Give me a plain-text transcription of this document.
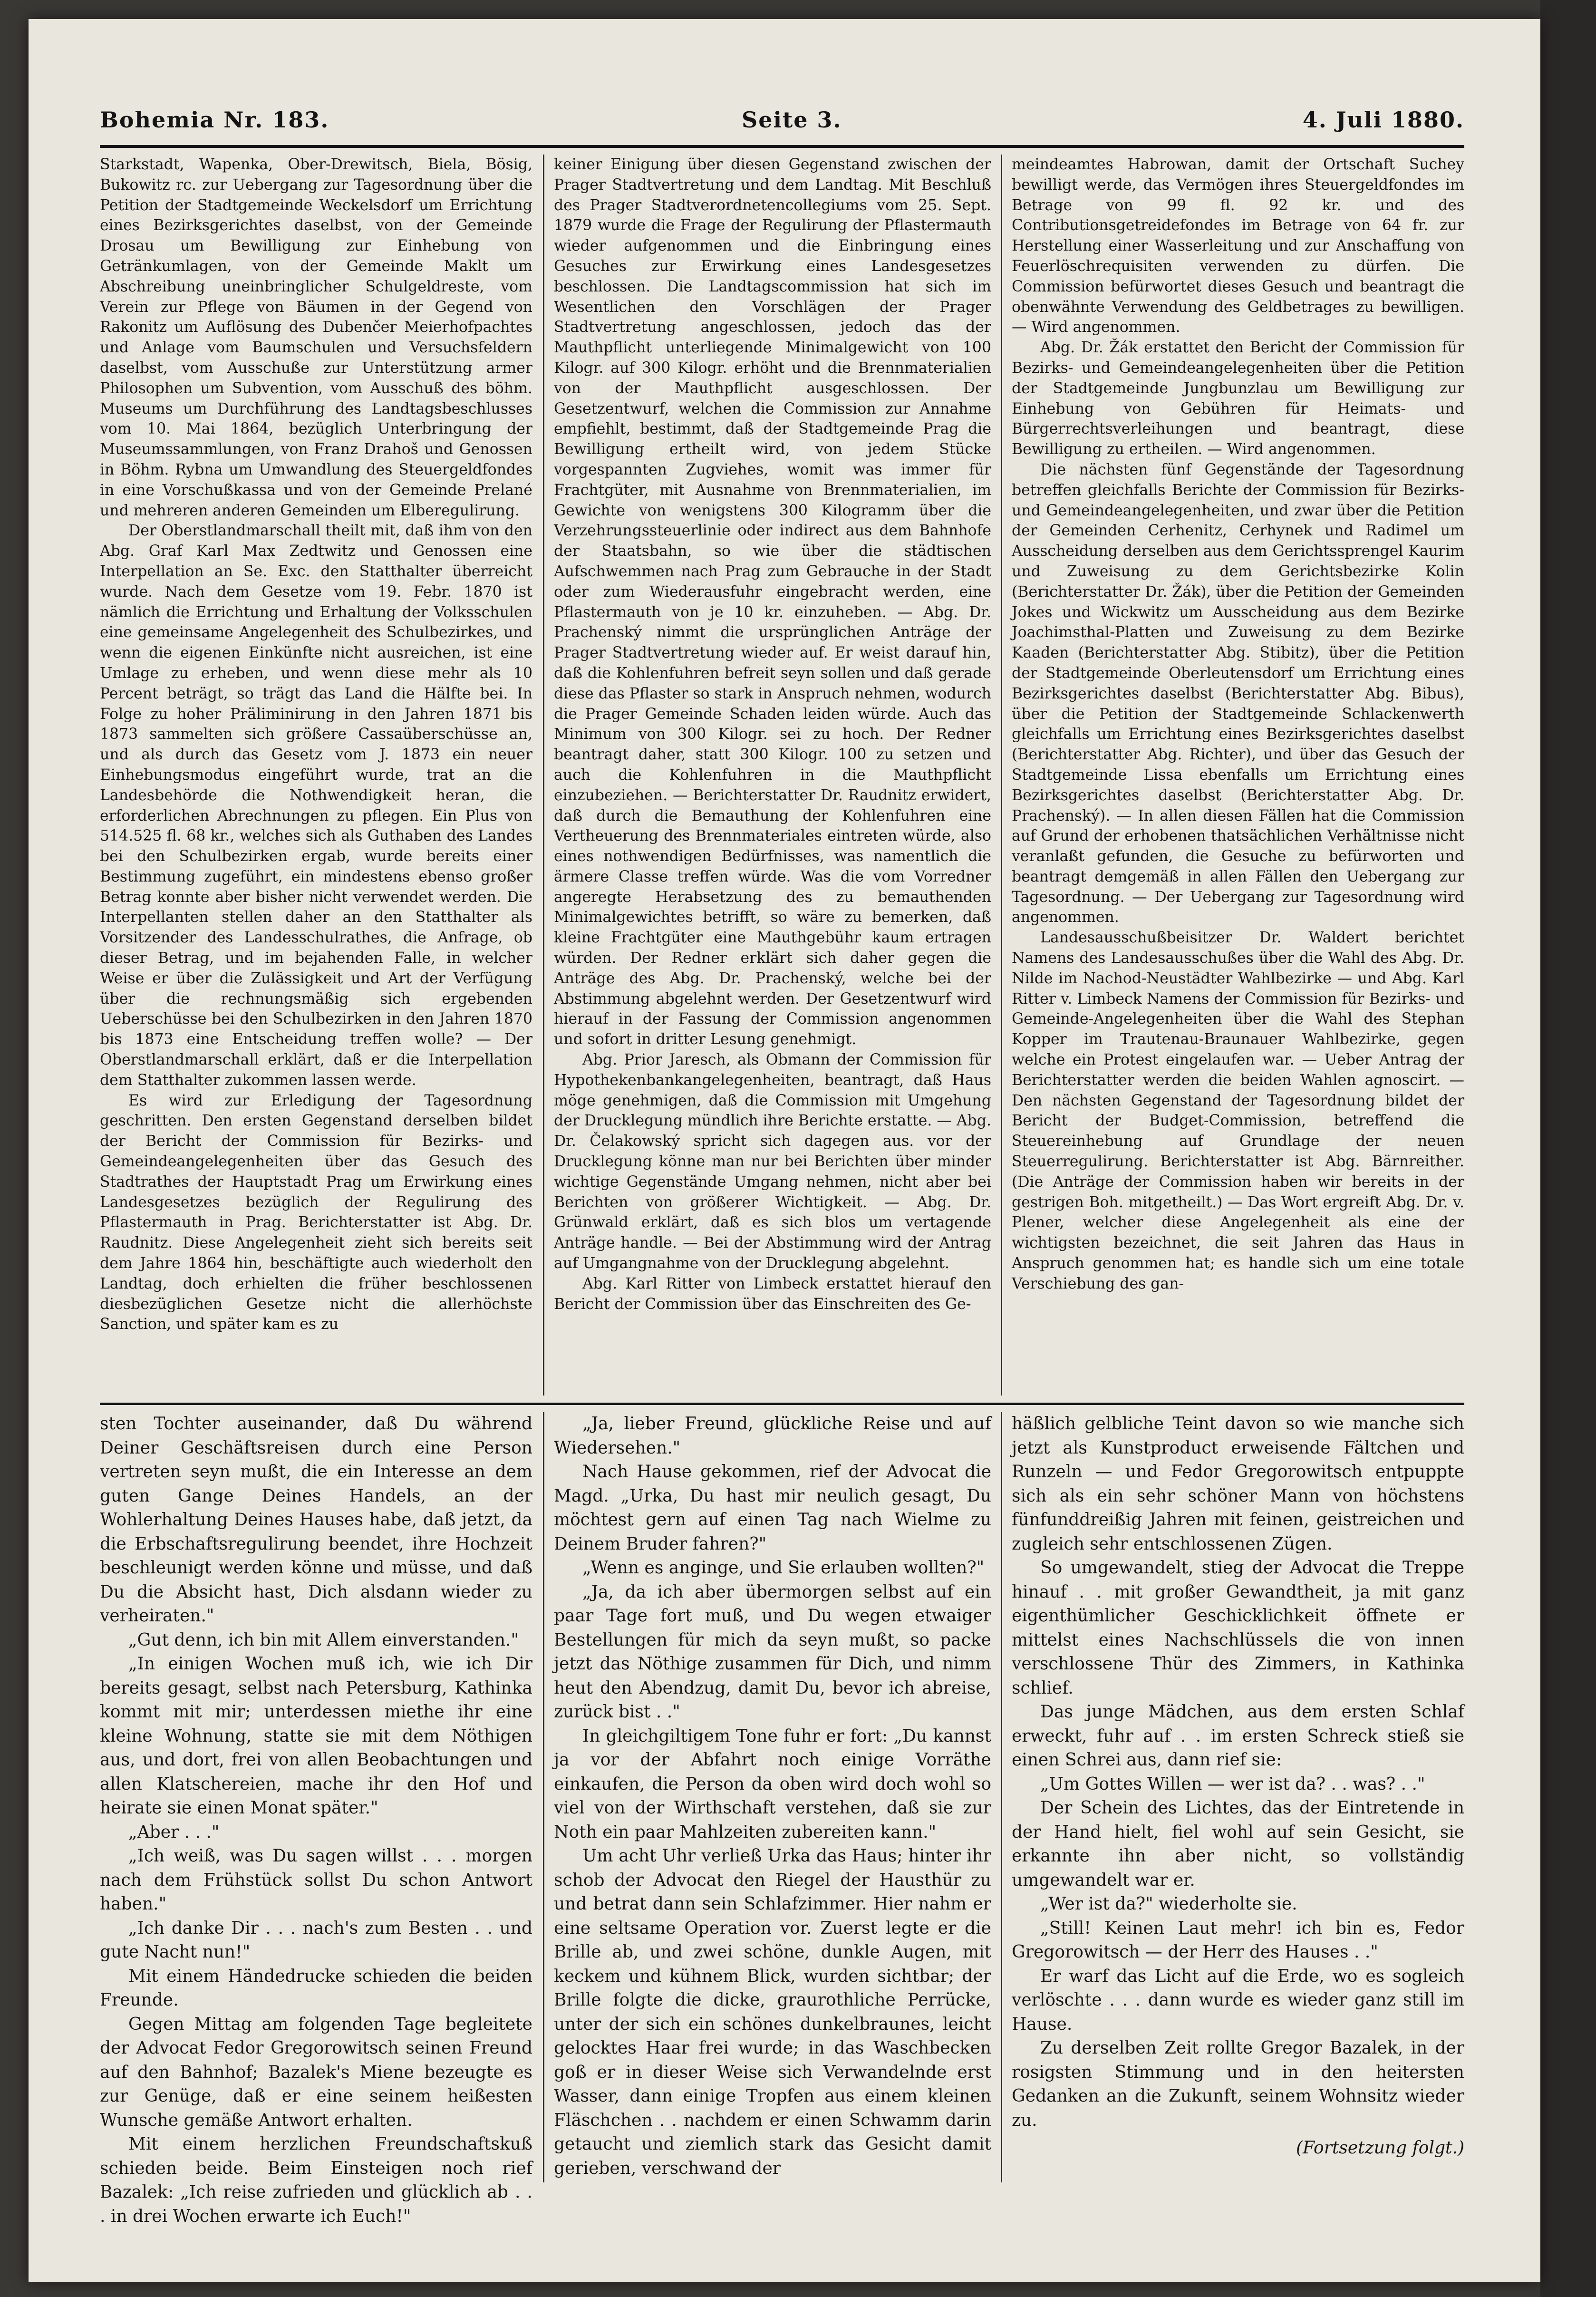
Bohemia Nr. 183.	Seite 3.	4. Juli 1880.

Starkstadt, Wapenka, Ober-Drewitsch, Biela, Bösig, Bukowitz rc. zur Uebergang zur Tagesordnung über die Petition der Stadtgemeinde Weckelsdorf um Errichtung eines Bezirksgerichtes daselbst, von der Gemeinde Drosau um Bewilligung zur Einhebung von Getränkumlagen, von der Gemeinde Maklt um Abschreibung uneinbringlicher Schulgeldreste, vom Verein zur Pflege von Bäumen in der Gegend von Rakonitz um Auflösung des Dubenčer Meierhofpachtes und Anlage vom Baumschulen und Versuchsfeldern daselbst, vom Ausschuße zur Unterstützung armer Philosophen um Subvention, vom Ausschuß des böhm. Museums um Durchführung des Landtagsbeschlusses vom 10. Mai 1864, bezüglich Unterbringung der Museumssammlungen, von Franz Drahoš und Genossen in Böhm. Rybna um Umwandlung des Steuergeldfondes in eine Vorschußkassa und von der Gemeinde Prelané und mehreren anderen Gemeinden um Elberegulirung.

Der Oberstlandmarschall theilt mit, daß ihm von den Abg. Graf Karl Max Zedtwitz und Genossen eine Interpellation an Se. Exc. den Statthalter überreicht wurde. Nach dem Gesetze vom 19. Febr. 1870 ist nämlich die Errichtung und Erhaltung der Volksschulen eine gemeinsame Angelegenheit des Schulbezirkes, und wenn die eigenen Einkünfte nicht ausreichen, ist eine Umlage zu erheben, und wenn diese mehr als 10 Percent beträgt, so trägt das Land die Hälfte bei. In Folge zu hoher Präliminirung in den Jahren 1871 bis 1873 sammelten sich größere Cassaüberschüsse an, und als durch das Gesetz vom J. 1873 ein neuer Einhebungsmodus eingeführt wurde, trat an die Landesbehörde die Nothwendigkeit heran, die erforderlichen Abrechnungen zu pflegen. Ein Plus von 514.525 fl. 68 kr., welches sich als Guthaben des Landes bei den Schulbezirken ergab, wurde bereits einer Bestimmung zugeführt, ein mindestens ebenso großer Betrag konnte aber bisher nicht verwendet werden. Die Interpellanten stellen daher an den Statthalter als Vorsitzender des Landesschulrathes, die Anfrage, ob dieser Betrag, und im bejahenden Falle, in welcher Weise er über die Zulässigkeit und Art der Verfügung über die rechnungsmäßig sich ergebenden Ueberschüsse bei den Schulbezirken in den Jahren 1870 bis 1873 eine Entscheidung treffen wolle? — Der Oberstlandmarschall erklärt, daß er die Interpellation dem Statthalter zukommen lassen werde.

Es wird zur Erledigung der Tagesordnung geschritten. Den ersten Gegenstand derselben bildet der Bericht der Commission für Bezirks- und Gemeindeangelegenheiten über das Gesuch des Stadtrathes der Hauptstadt Prag um Erwirkung eines Landesgesetzes bezüglich der Regulirung des Pflastermauth in Prag. Berichterstatter ist Abg. Dr. Raudnitz. Diese Angelegenheit zieht sich bereits seit dem Jahre 1864 hin, beschäftigte auch wiederholt den Landtag, doch erhielten die früher beschlossenen diesbezüglichen Gesetze nicht die allerhöchste Sanction, und später kam es zu

keiner Einigung über diesen Gegenstand zwischen der Prager Stadtvertretung und dem Landtag. Mit Beschluß des Prager Stadtverordnetencollegiums vom 25. Sept. 1879 wurde die Frage der Regulirung der Pflastermauth wieder aufgenommen und die Einbringung eines Gesuches zur Erwirkung eines Landesgesetzes beschlossen. Die Landtagscommission hat sich im Wesentlichen den Vorschlägen der Prager Stadtvertretung angeschlossen, jedoch das der Mauthpflicht unterliegende Minimalgewicht von 100 Kilogr. auf 300 Kilogr. erhöht und die Brennmaterialien von der Mauthpflicht ausgeschlossen. Der Gesetzentwurf, welchen die Commission zur Annahme empfiehlt, bestimmt, daß der Stadtgemeinde Prag die Bewilligung ertheilt wird, von jedem Stücke vorgespannten Zugviehes, womit was immer für Frachtgüter, mit Ausnahme von Brennmaterialien, im Gewichte von wenigstens 300 Kilogramm über die Verzehrungssteuerlinie oder indirect aus dem Bahnhofe der Staatsbahn, so wie über die städtischen Aufschwemmen nach Prag zum Gebrauche in der Stadt oder zum Wiederausfuhr eingebracht werden, eine Pflastermauth von je 10 kr. einzuheben. — Abg. Dr. Prachenský nimmt die ursprünglichen Anträge der Prager Stadtvertretung wieder auf. Er weist darauf hin, daß die Kohlenfuhren befreit seyn sollen und daß gerade diese das Pflaster so stark in Anspruch nehmen, wodurch die Prager Gemeinde Schaden leiden würde. Auch das Minimum von 300 Kilogr. sei zu hoch. Der Redner beantragt daher, statt 300 Kilogr. 100 zu setzen und auch die Kohlenfuhren in die Mauthpflicht einzubeziehen. — Berichterstatter Dr. Raudnitz erwidert, daß durch die Bemauthung der Kohlenfuhren eine Vertheuerung des Brennmateriales eintreten würde, also eines nothwendigen Bedürfnisses, was namentlich die ärmere Classe treffen würde. Was die vom Vorredner angeregte Herabsetzung des zu bemauthenden Minimalgewichtes betrifft, so wäre zu bemerken, daß kleine Frachtgüter eine Mauthgebühr kaum ertragen würden. Der Redner erklärt sich daher gegen die Anträge des Abg. Dr. Prachenský, welche bei der Abstimmung abgelehnt werden. Der Gesetzentwurf wird hierauf in der Fassung der Commission angenommen und sofort in dritter Lesung genehmigt.

Abg. Prior Jaresch, als Obmann der Commission für Hypothekenbankangelegenheiten, beantragt, daß Haus möge genehmigen, daß die Commission mit Umgehung der Drucklegung mündlich ihre Berichte erstatte. — Abg. Dr. Čelakowský spricht sich dagegen aus. vor der Drucklegung könne man nur bei Berichten über minder wichtige Gegenstände Umgang nehmen, nicht aber bei Berichten von größerer Wichtigkeit. — Abg. Dr. Grünwald erklärt, daß es sich blos um vertagende Anträge handle. — Bei der Abstimmung wird der Antrag auf Umgangnahme von der Drucklegung abgelehnt.

Abg. Karl Ritter von Limbeck erstattet hierauf den Bericht der Commission über das Einschreiten des Ge-

meindeamtes Habrowan, damit der Ortschaft Suchey bewilligt werde, das Vermögen ihres Steuergeldfondes im Betrage von 99 fl. 92 kr. und des Contributionsgetreidefondes im Betrage von 64 fr. zur Herstellung einer Wasserleitung und zur Anschaffung von Feuerlöschrequisiten verwenden zu dürfen. Die Commission befürwortet dieses Gesuch und beantragt die obenwähnte Verwendung des Geldbetrages zu bewilligen. — Wird angenommen.

Abg. Dr. Žák erstattet den Bericht der Commission für Bezirks- und Gemeindeangelegenheiten über die Petition der Stadtgemeinde Jungbunzlau um Bewilligung zur Einhebung von Gebühren für Heimats- und Bürgerrechtsverleihungen und beantragt, diese Bewilligung zu ertheilen. — Wird angenommen.

Die nächsten fünf Gegenstände der Tagesordnung betreffen gleichfalls Berichte der Commission für Bezirks- und Gemeindeangelegenheiten, und zwar über die Petition der Gemeinden Cerhenitz, Cerhynek und Radimel um Ausscheidung derselben aus dem Gerichtssprengel Kaurim und Zuweisung zu dem Gerichtsbezirke Kolin (Berichterstatter Dr. Žák), über die Petition der Gemeinden Jokes und Wickwitz um Ausscheidung aus dem Bezirke Joachimsthal-Platten und Zuweisung zu dem Bezirke Kaaden (Berichterstatter Abg. Stibitz), über die Petition der Stadtgemeinde Oberleutensdorf um Errichtung eines Bezirksgerichtes daselbst (Berichterstatter Abg. Bibus), über die Petition der Stadtgemeinde Schlackenwerth gleichfalls um Errichtung eines Bezirksgerichtes daselbst (Berichterstatter Abg. Richter), und über das Gesuch der Stadtgemeinde Lissa ebenfalls um Errichtung eines Bezirksgerichtes daselbst (Berichterstatter Abg. Dr. Prachenský). — In allen diesen Fällen hat die Commission auf Grund der erhobenen thatsächlichen Verhältnisse nicht veranlaßt gefunden, die Gesuche zu befürworten und beantragt demgemäß in allen Fällen den Uebergang zur Tagesordnung. — Der Uebergang zur Tagesordnung wird angenommen.

Landesausschußbeisitzer Dr. Waldert berichtet Namens des Landesausschußes über die Wahl des Abg. Dr. Nilde im Nachod-Neustädter Wahlbezirke — und Abg. Karl Ritter v. Limbeck Namens der Commission für Bezirks- und Gemeinde-Angelegenheiten über die Wahl des Stephan Kopper im Trautenau-Braunauer Wahlbezirke, gegen welche ein Protest eingelaufen war. — Ueber Antrag der Berichterstatter werden die beiden Wahlen agnoscirt. — Den nächsten Gegenstand der Tagesordnung bildet der Bericht der Budget-Commission, betreffend die Steuereinhebung auf Grundlage der neuen Steuerregulirung. Berichterstatter ist Abg. Bärnreither. (Die Anträge der Commission haben wir bereits in der gestrigen Boh. mitgetheilt.) — Das Wort ergreift Abg. Dr. v. Plener, welcher diese Angelegenheit als eine der wichtigsten bezeichnet, die seit Jahren das Haus in Anspruch genommen hat; es handle sich um eine totale Verschiebung des gan-

sten Tochter auseinander, daß Du während Deiner Geschäftsreisen durch eine Person vertreten seyn mußt, die ein Interesse an dem guten Gange Deines Handels, an der Wohlerhaltung Deines Hauses habe, daß jetzt, da die Erbschaftsregulirung beendet, ihre Hochzeit beschleunigt werden könne und müsse, und daß Du die Absicht hast, Dich alsdann wieder zu verheiraten."

„Gut denn, ich bin mit Allem einverstanden."

„In einigen Wochen muß ich, wie ich Dir bereits gesagt, selbst nach Petersburg, Kathinka kommt mit mir; unterdessen miethe ihr eine kleine Wohnung, statte sie mit dem Nöthigen aus, und dort, frei von allen Beobachtungen und allen Klatschereien, mache ihr den Hof und heirate sie einen Monat später."

„Aber . . ."

„Ich weiß, was Du sagen willst . . . morgen nach dem Frühstück sollst Du schon Antwort haben."

„Ich danke Dir . . . nach's zum Besten . . und gute Nacht nun!"

Mit einem Händedrucke schieden die beiden Freunde.

Gegen Mittag am folgenden Tage begleitete der Advocat Fedor Gregorowitsch seinen Freund auf den Bahnhof; Bazalek's Miene bezeugte es zur Genüge, daß er eine seinem heißesten Wunsche gemäße Antwort erhalten.

Mit einem herzlichen Freundschaftskuß schieden beide. Beim Einsteigen noch rief Bazalek: „Ich reise zufrieden und glücklich ab . . . in drei Wochen erwarte ich Euch!"

„Ja, lieber Freund, glückliche Reise und auf Wiedersehen."

Nach Hause gekommen, rief der Advocat die Magd. „Urka, Du hast mir neulich gesagt, Du möchtest gern auf einen Tag nach Wielme zu Deinem Bruder fahren?"

„Wenn es anginge, und Sie erlauben wollten?"

„Ja, da ich aber übermorgen selbst auf ein paar Tage fort muß, und Du wegen etwaiger Bestellungen für mich da seyn mußt, so packe jetzt das Nöthige zusammen für Dich, und nimm heut den Abendzug, damit Du, bevor ich abreise, zurück bist . ."

In gleichgiltigem Tone fuhr er fort: „Du kannst ja vor der Abfahrt noch einige Vorräthe einkaufen, die Person da oben wird doch wohl so viel von der Wirthschaft verstehen, daß sie zur Noth ein paar Mahlzeiten zubereiten kann."

Um acht Uhr verließ Urka das Haus; hinter ihr schob der Advocat den Riegel der Hausthür zu und betrat dann sein Schlafzimmer. Hier nahm er eine seltsame Operation vor. Zuerst legte er die Brille ab, und zwei schöne, dunkle Augen, mit keckem und kühnem Blick, wurden sichtbar; der Brille folgte die dicke, graurothliche Perrücke, unter der sich ein schönes dunkelbraunes, leicht gelocktes Haar frei wurde; in das Waschbecken goß er in dieser Weise sich Verwandelnde erst Wasser, dann einige Tropfen aus einem kleinen Fläschchen . . nachdem er einen Schwamm darin getaucht und ziemlich stark das Gesicht damit gerieben, verschwand der

häßlich gelbliche Teint davon so wie manche sich jetzt als Kunstproduct erweisende Fältchen und Runzeln — und Fedor Gregorowitsch entpuppte sich als ein sehr schöner Mann von höchstens fünfunddreißig Jahren mit feinen, geistreichen und zugleich sehr entschlossenen Zügen.

So umgewandelt, stieg der Advocat die Treppe hinauf . . mit großer Gewandtheit, ja mit ganz eigenthümlicher Geschicklichkeit öffnete er mittelst eines Nachschlüssels die von innen verschlossene Thür des Zimmers, in Kathinka schlief.

Das junge Mädchen, aus dem ersten Schlaf erweckt, fuhr auf . . im ersten Schreck stieß sie einen Schrei aus, dann rief sie:

„Um Gottes Willen — wer ist da? . . was? . ."

Der Schein des Lichtes, das der Eintretende in der Hand hielt, fiel wohl auf sein Gesicht, sie erkannte ihn aber nicht, so vollständig umgewandelt war er.

„Wer ist da?" wiederholte sie.

„Still! Keinen Laut mehr! ich bin es, Fedor Gregorowitsch — der Herr des Hauses . ."

Er warf das Licht auf die Erde, wo es sogleich verlöschte . . . dann wurde es wieder ganz still im Hause.

Zu derselben Zeit rollte Gregor Bazalek, in der rosigsten Stimmung und in den heitersten Gedanken an die Zukunft, seinem Wohnsitz wieder zu.

(Fortsetzung folgt.)
